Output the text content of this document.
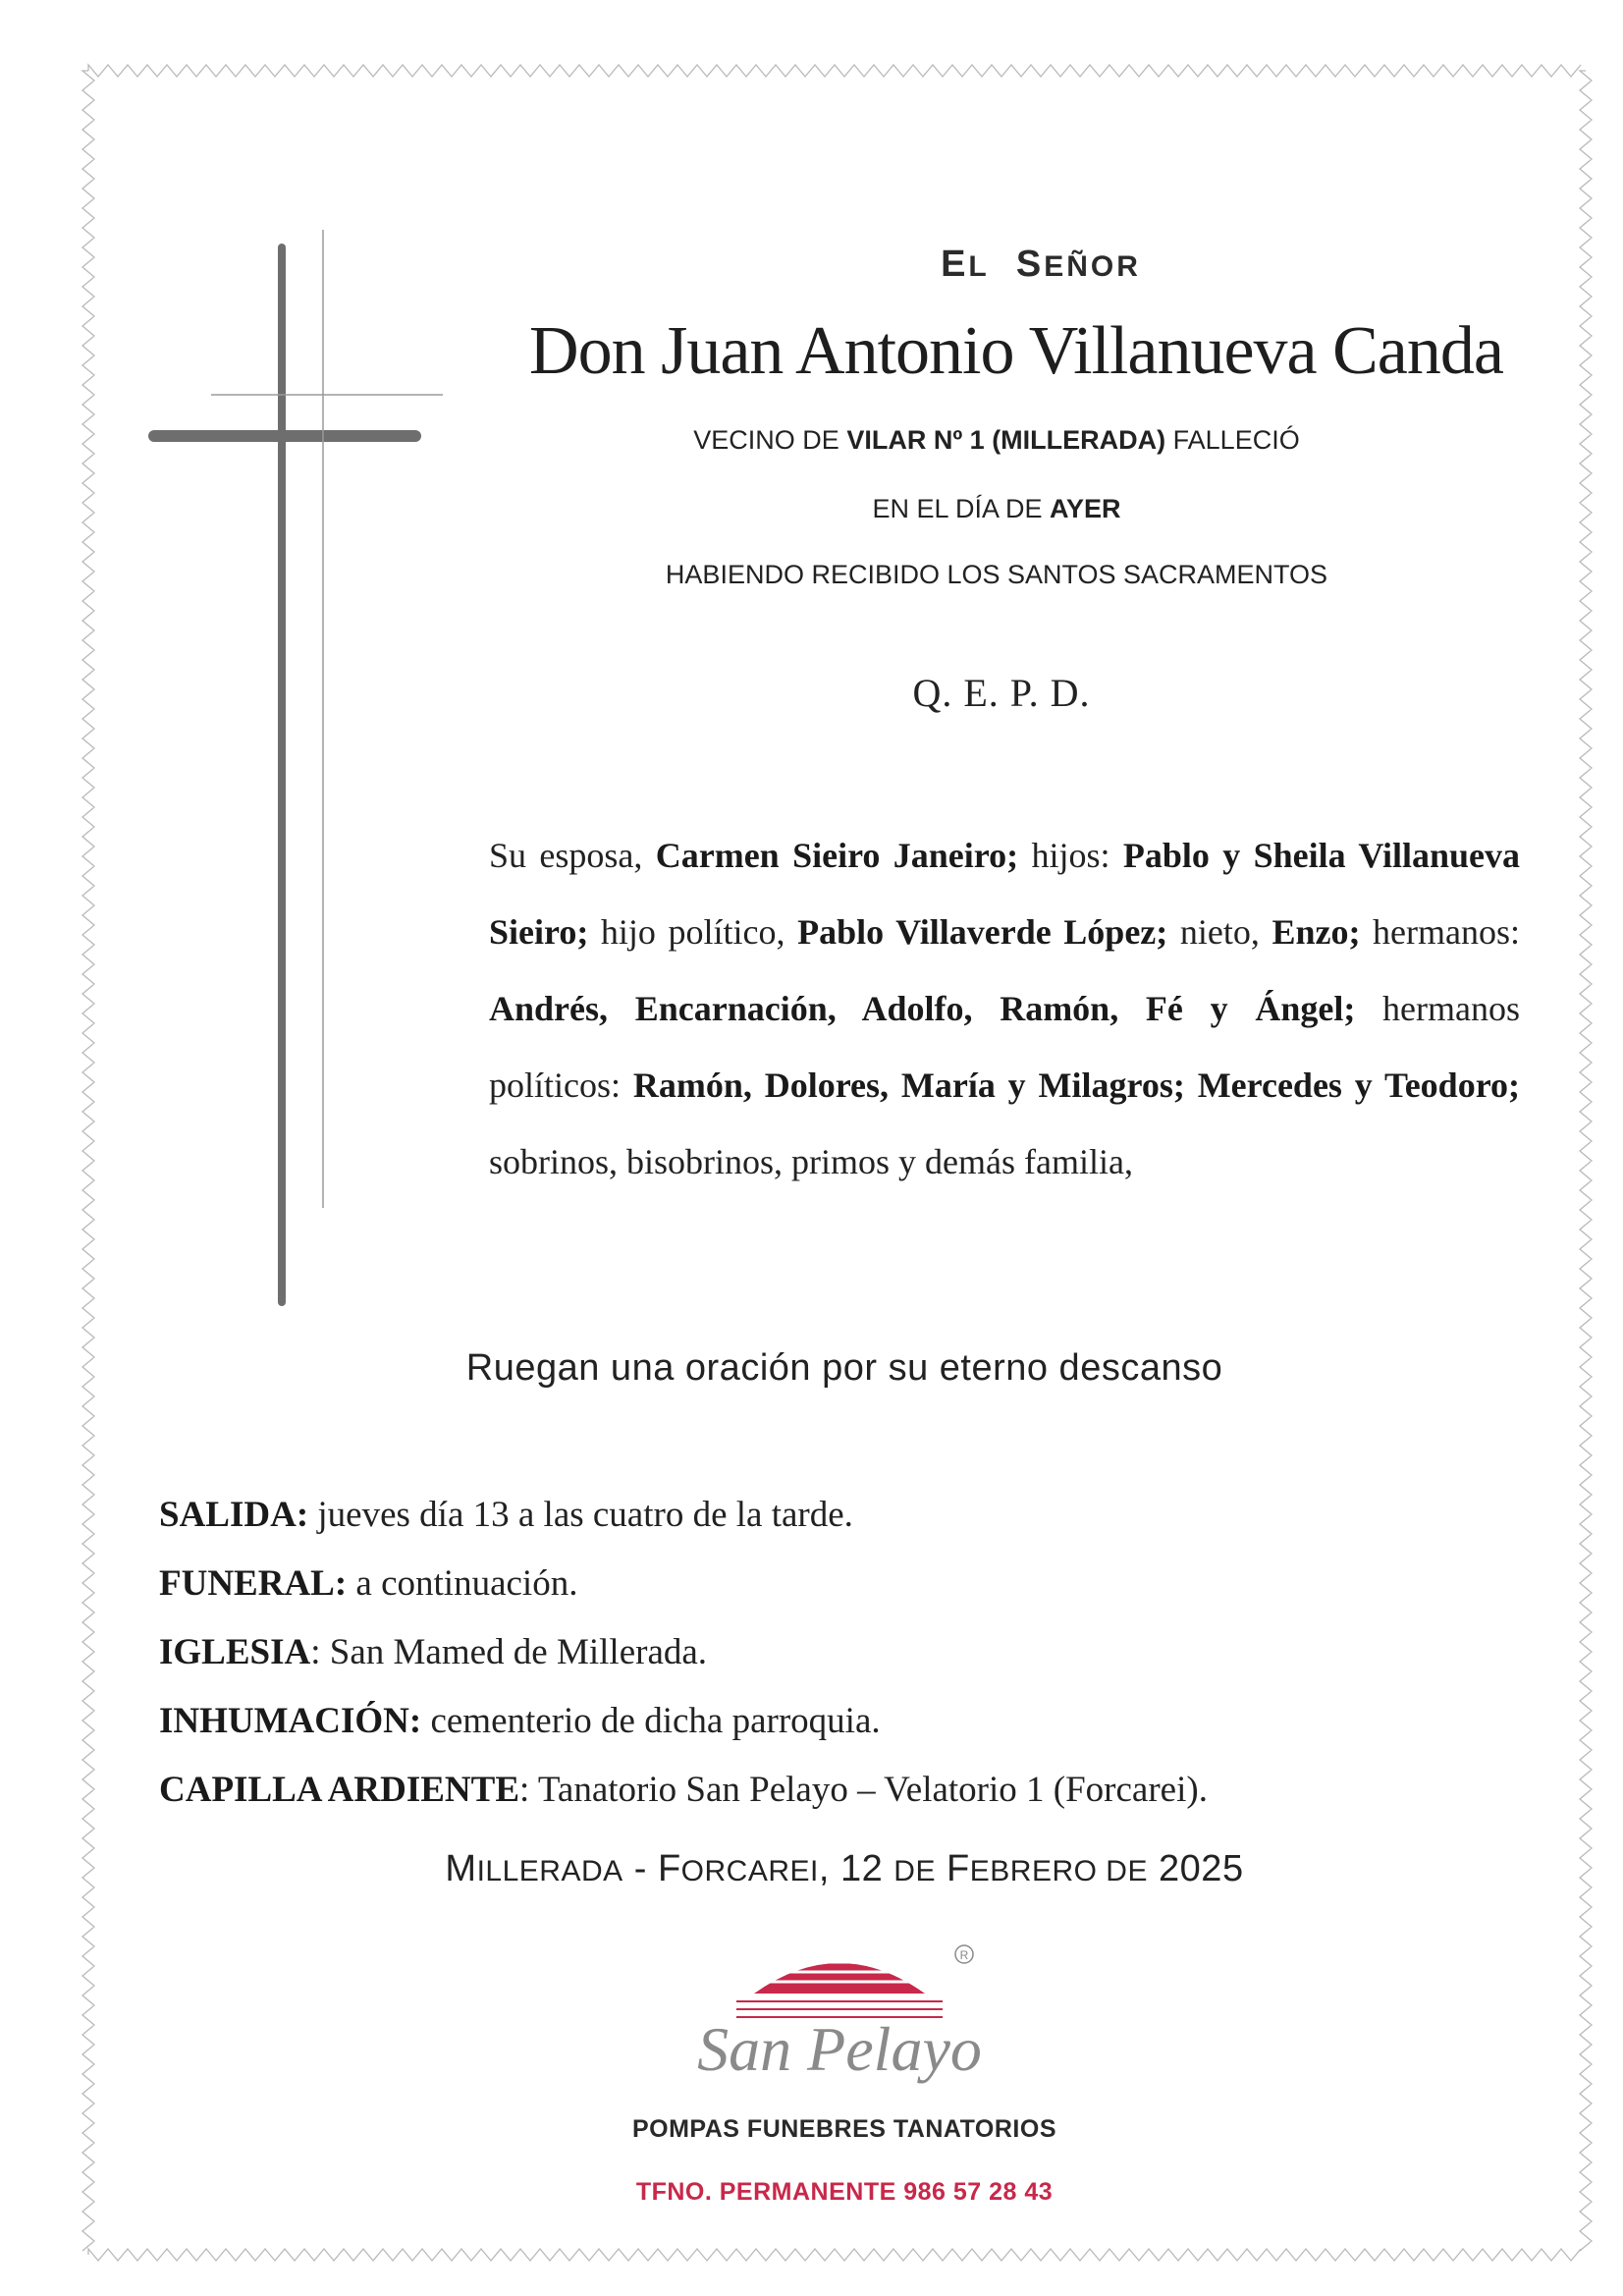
EL SEÑOR
Don Juan Antonio Villanueva Canda
VECINO DE VILAR Nº 1 (MILLERADA) FALLECIÓ
EN EL DÍA DE AYER
HABIENDO RECIBIDO LOS SANTOS SACRAMENTOS
Q. E. P. D.
Su esposa, Carmen Sieiro Janeiro; hijos: Pablo y Sheila Villanueva Sieiro; hijo político, Pablo Villaverde López; nieto, Enzo; hermanos: Andrés, Encarnación, Adolfo, Ramón, Fé y Ángel; hermanos políticos: Ramón, Dolores, María y Milagros; Mercedes y Teodoro; sobrinos, bisobrinos, primos y demás familia,
Ruegan una oración por su eterno descanso
SALIDA: jueves día 13 a las cuatro de la tarde.
FUNERAL: a continuación.
IGLESIA: San Mamed de Millerada.
INHUMACIÓN: cementerio de dicha parroquia.
CAPILLA ARDIENTE: Tanatorio San Pelayo – Velatorio 1 (Forcarei).
MILLERADA - FORCAREI, 12 DE FEBRERO DE 2025
R
San Pelayo
POMPAS FUNEBRES TANATORIOS
TFNO. PERMANENTE 986 57 28 43
